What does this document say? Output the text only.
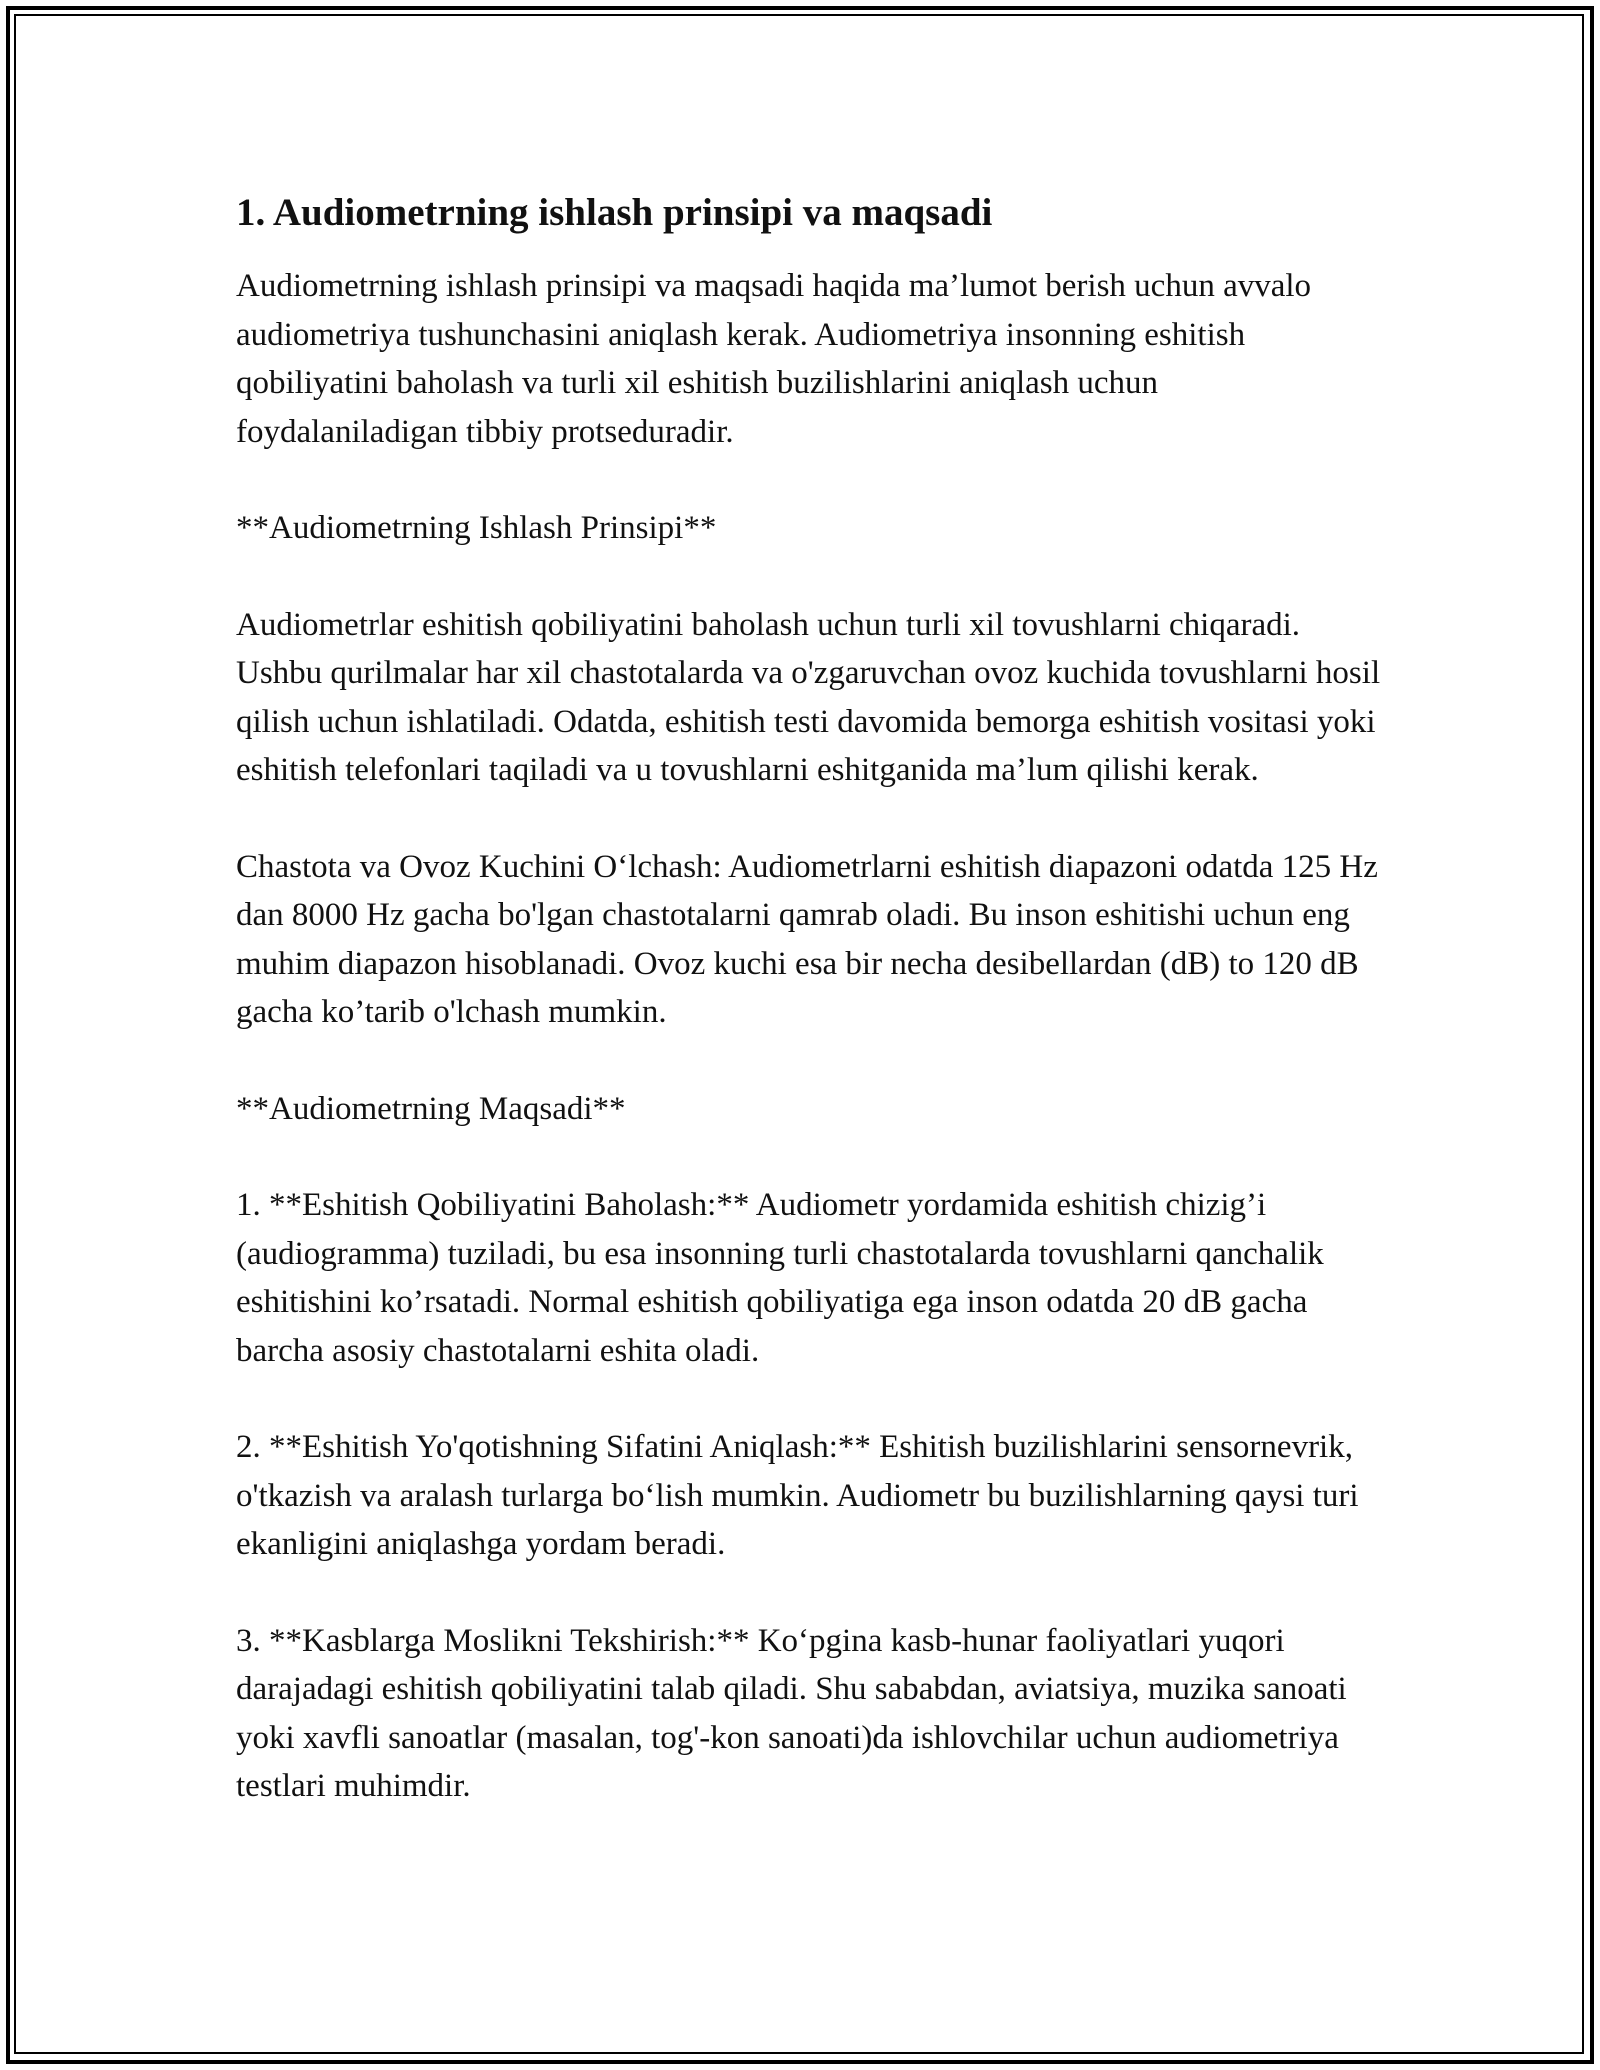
1. Audiometrning ishlash prinsipi va maqsadi

Audiometrning ishlash prinsipi va maqsadi haqida ma’lumot berish uchun avvalo audiometriya tushunchasini aniqlash kerak. Audiometriya insonning eshitish qobiliyatini baholash va turli xil eshitish buzilishlarini aniqlash uchun foydalaniladigan tibbiy protseduradir.

**Audiometrning Ishlash Prinsipi**

Audiometrlar eshitish qobiliyatini baholash uchun turli xil tovushlarni chiqaradi. Ushbu qurilmalar har xil chastotalarda va o'zgaruvchan ovoz kuchida tovushlarni hosil qilish uchun ishlatiladi. Odatda, eshitish testi davomida bemorga eshitish vositasi yoki eshitish telefonlari taqiladi va u tovushlarni eshitganida ma’lum qilishi kerak.

Chastota va Ovoz Kuchini O‘lchash: Audiometrlarni eshitish diapazoni odatda 125 Hz dan 8000 Hz gacha bo'lgan chastotalarni qamrab oladi. Bu inson eshitishi uchun eng muhim diapazon hisoblanadi. Ovoz kuchi esa bir necha desibellardan (dB) to 120 dB gacha ko’tarib o'lchash mumkin.

**Audiometrning Maqsadi**

1. **Eshitish Qobiliyatini Baholash:** Audiometr yordamida eshitish chizig’i (audiogramma) tuziladi, bu esa insonning turli chastotalarda tovushlarni qanchalik eshitishini ko’rsatadi. Normal eshitish qobiliyatiga ega inson odatda 20 dB gacha barcha asosiy chastotalarni eshita oladi.

2. **Eshitish Yo'qotishning Sifatini Aniqlash:** Eshitish buzilishlarini sensornevrik, o'tkazish va aralash turlarga bo‘lish mumkin. Audiometr bu buzilishlarning qaysi turi ekanligini aniqlashga yordam beradi.

3. **Kasblarga Moslikni Tekshirish:** Ko‘pgina kasb-hunar faoliyatlari yuqori darajadagi eshitish qobiliyatini talab qiladi. Shu sababdan, aviatsiya, muzika sanoati yoki xavfli sanoatlar (masalan, tog'-kon sanoati)da ishlovchilar uchun audiometriya testlari muhimdir.
